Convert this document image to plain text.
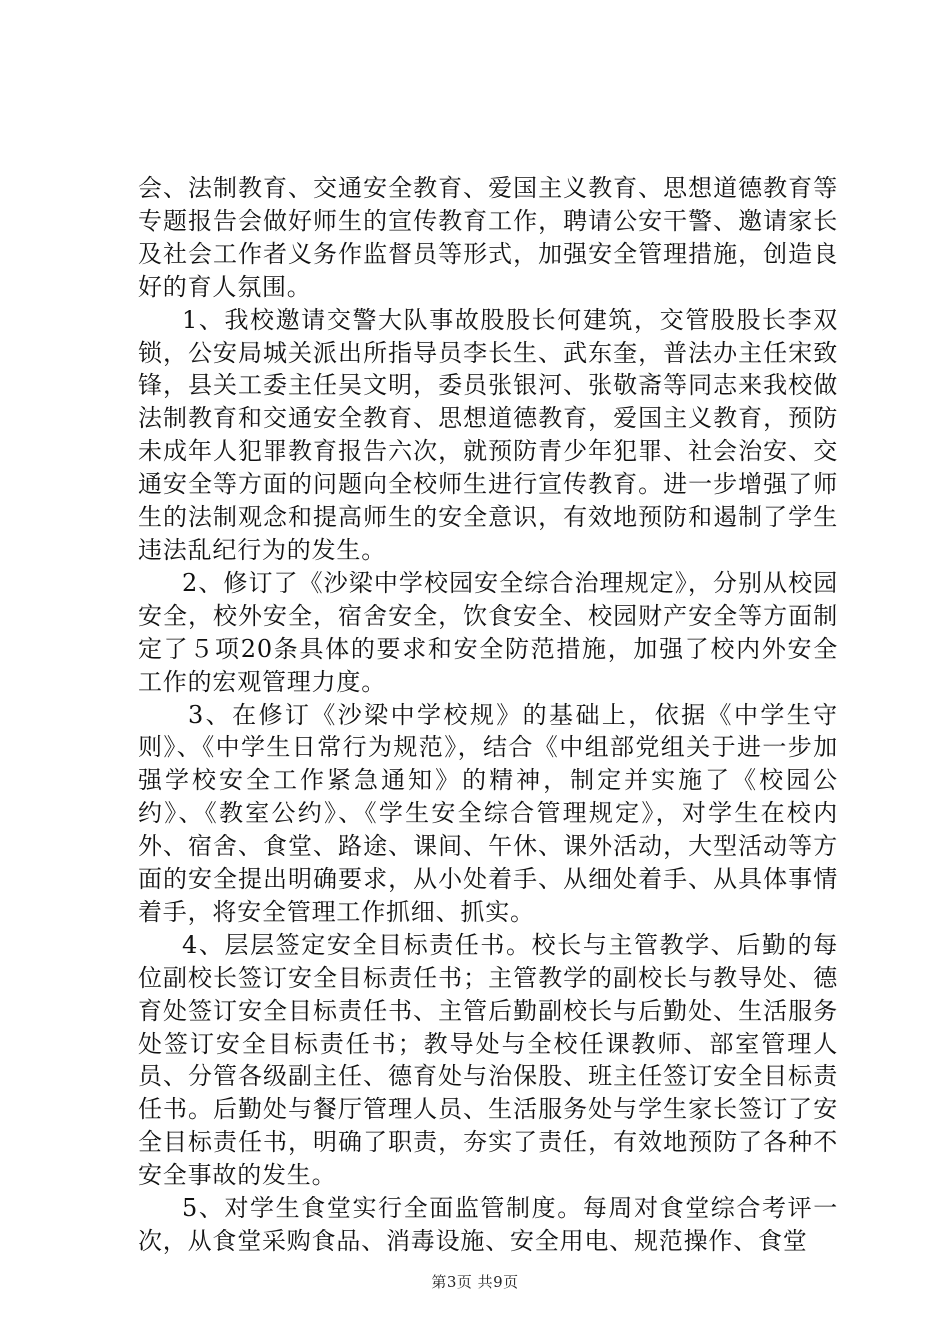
会、法制教育、交通安全教育、爱国主义教育、思想道德教育等专题报告会做好师生的宣传教育工作，聘请公安干警、邀请家长及社会工作者义务作监督员等形式，加强安全管理措施，创造良好的育人氛围。

1、我校邀请交警大队事故股股长何建筑，交管股股长李双锁，公安局城关派出所指导员李长生、武东奎，普法办主任宋致锋，县关工委主任吴文明，委员张银河、张敬斋等同志来我校做法制教育和交通安全教育、思想道德教育，爱国主义教育，预防未成年人犯罪教育报告六次，就预防青少年犯罪、社会治安、交通安全等方面的问题向全校师生进行宣传教育。进一步增强了师生的法制观念和提高师生的安全意识，有效地预防和遏制了学生违法乱纪行为的发生。

2、修订了《沙梁中学校园安全综合治理规定》，分别从校园安全，校外安全，宿舍安全，饮食安全、校园财产安全等方面制定了５项20条具体的要求和安全防范措施，加强了校内外安全工作的宏观管理力度。

3、在修订《沙梁中学校规》的基础上，依据《中学生守则》、《中学生日常行为规范》，结合《中组部党组关于进一步加强学校安全工作紧急通知》的精神，制定并实施了《校园公约》、《教室公约》、《学生安全综合管理规定》，对学生在校内外、宿舍、食堂、路途、课间、午休、课外活动，大型活动等方面的安全提出明确要求，从小处着手、从细处着手、从具体事情着手，将安全管理工作抓细、抓实。

4、层层签定安全目标责任书。校长与主管教学、后勤的每位副校长签订安全目标责任书；主管教学的副校长与教导处、德育处签订安全目标责任书、主管后勤副校长与后勤处、生活服务处签订安全目标责任书；教导处与全校任课教师、部室管理人员、分管各级副主任、德育处与治保股、班主任签订安全目标责任书。后勤处与餐厅管理人员、生活服务处与学生家长签订了安全目标责任书，明确了职责，夯实了责任，有效地预防了各种不安全事故的发生。

5、对学生食堂实行全面监管制度。每周对食堂综合考评一次，从食堂采购食品、消毒设施、安全用电、规范操作、食堂

第3页 共9页
